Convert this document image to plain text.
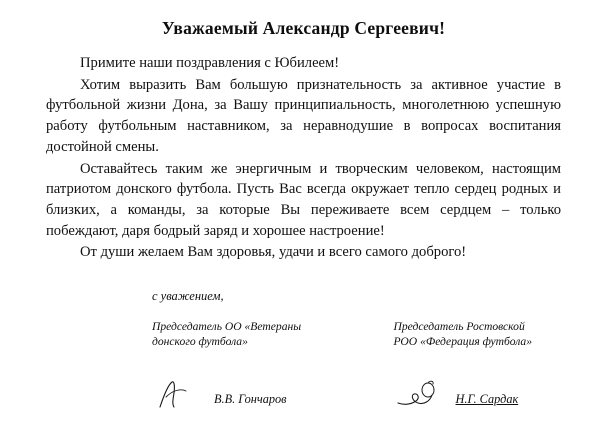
Уважаемый Александр Сергеевич!

Примите наши поздравления с Юбилеем!

Хотим выразить Вам большую признательность за активное участие в футбольной жизни Дона, за Вашу принципиальность, многолетнюю успешную работу футбольным наставником, за неравнодушие в вопросах воспитания достойной смены.

Оставайтесь таким же энергичным и творческим человеком, настоящим патриотом донского футбола. Пусть Вас всегда окружает тепло сердец родных и близких, а команды, за которые Вы переживаете всем сердцем – только побеждают, даря бодрый заряд и хорошее настроение!

От души желаем Вам здоровья, удачи и всего самого доброго!

с уважением,
Председатель ОО «Ветераны
донского футбола»
В.В. Гончаров
Председатель Ростовской
РОО «Федерация футбола»
Н.Г. Сардак
